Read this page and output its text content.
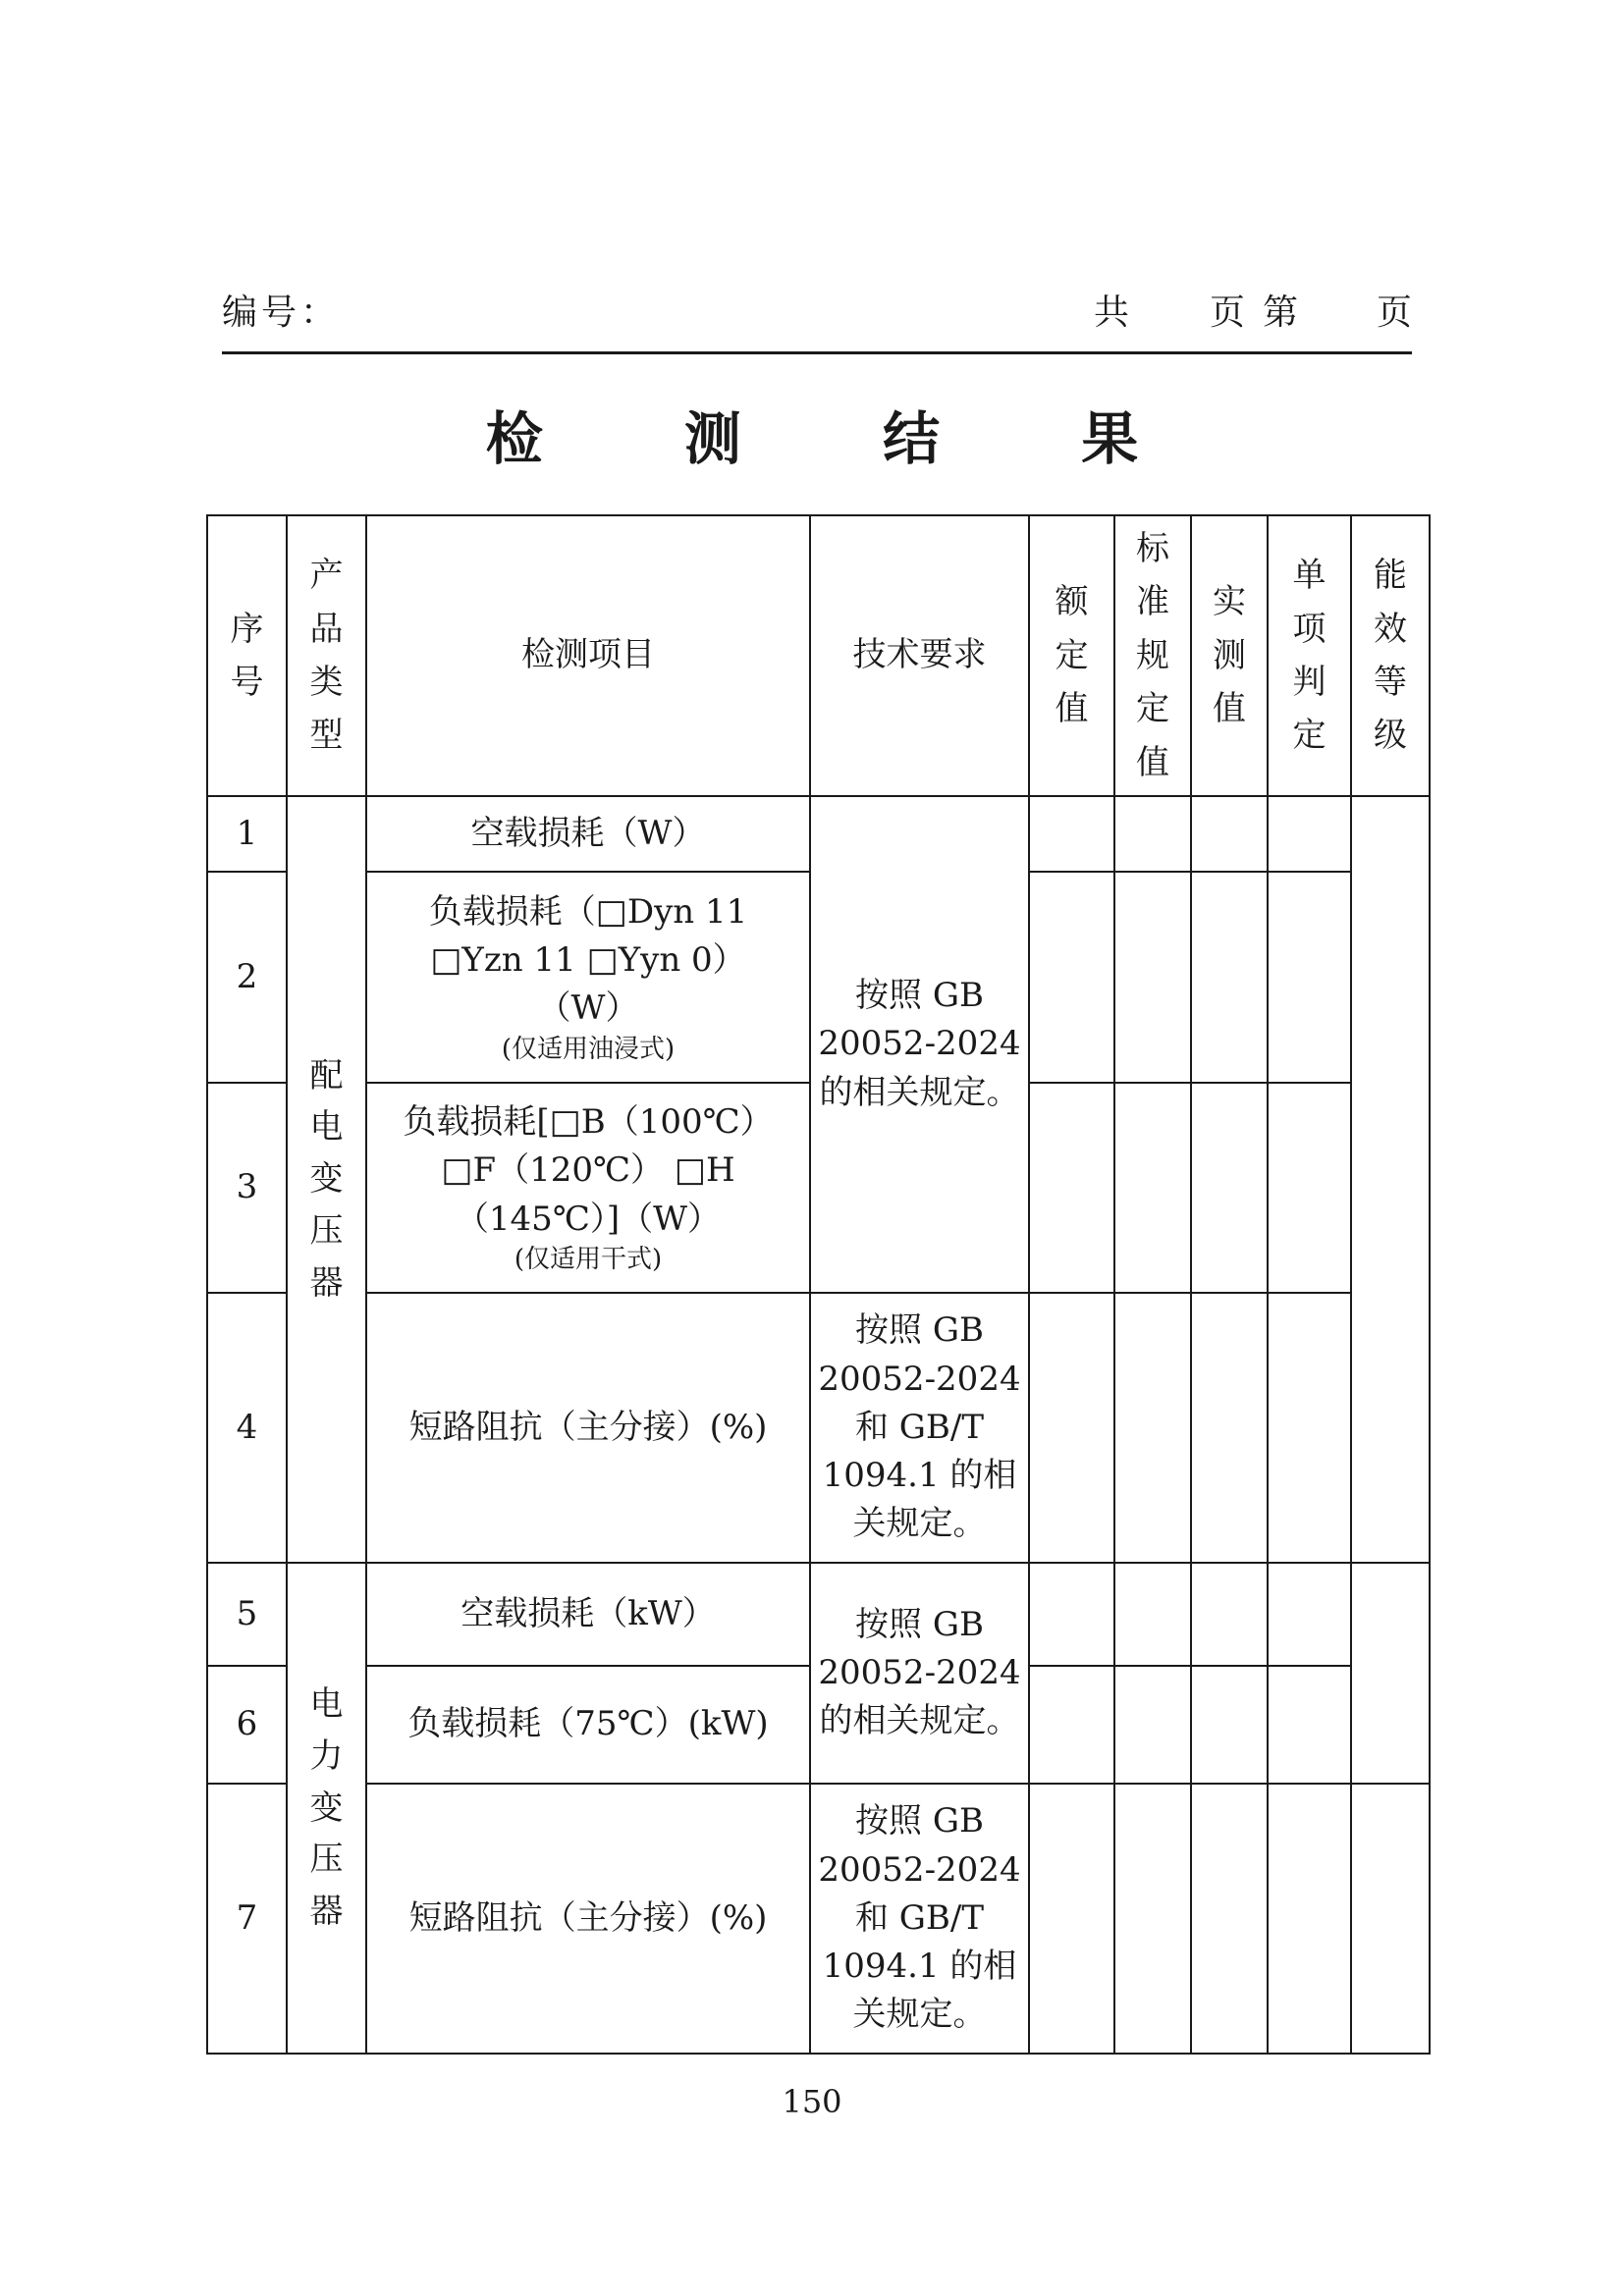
编号：	共 页 第 页
检 测 结 果
序号	产品类型	检测项目	技术要求	额定值	标准规定值	实测值	单项判定	能效等级

1	配电变压器	空载损耗（W）	按照 GB 20052-2024 的相关规定。					
2		负载损耗（□Dyn 11
□Yzn 11 □Yyn 0）
（W）
(仅适用油浸式)						

3		负载损耗[□B（100℃）
□F（120℃） □H
（145℃）]（W）
(仅适用干式)						

4		短路阻抗（主分接）(%)	按照 GB 20052-2024 和 GB/T 1094.1 的相关规定。					
5	电力变压器	空载损耗（kW）	按照 GB 20052-2024 的相关规定。					
6		负载损耗（75℃）(kW)						
7		短路阻抗（主分接）(%)	按照 GB 20052-2024 和 GB/T 1094.1 的相关规定。					
150
